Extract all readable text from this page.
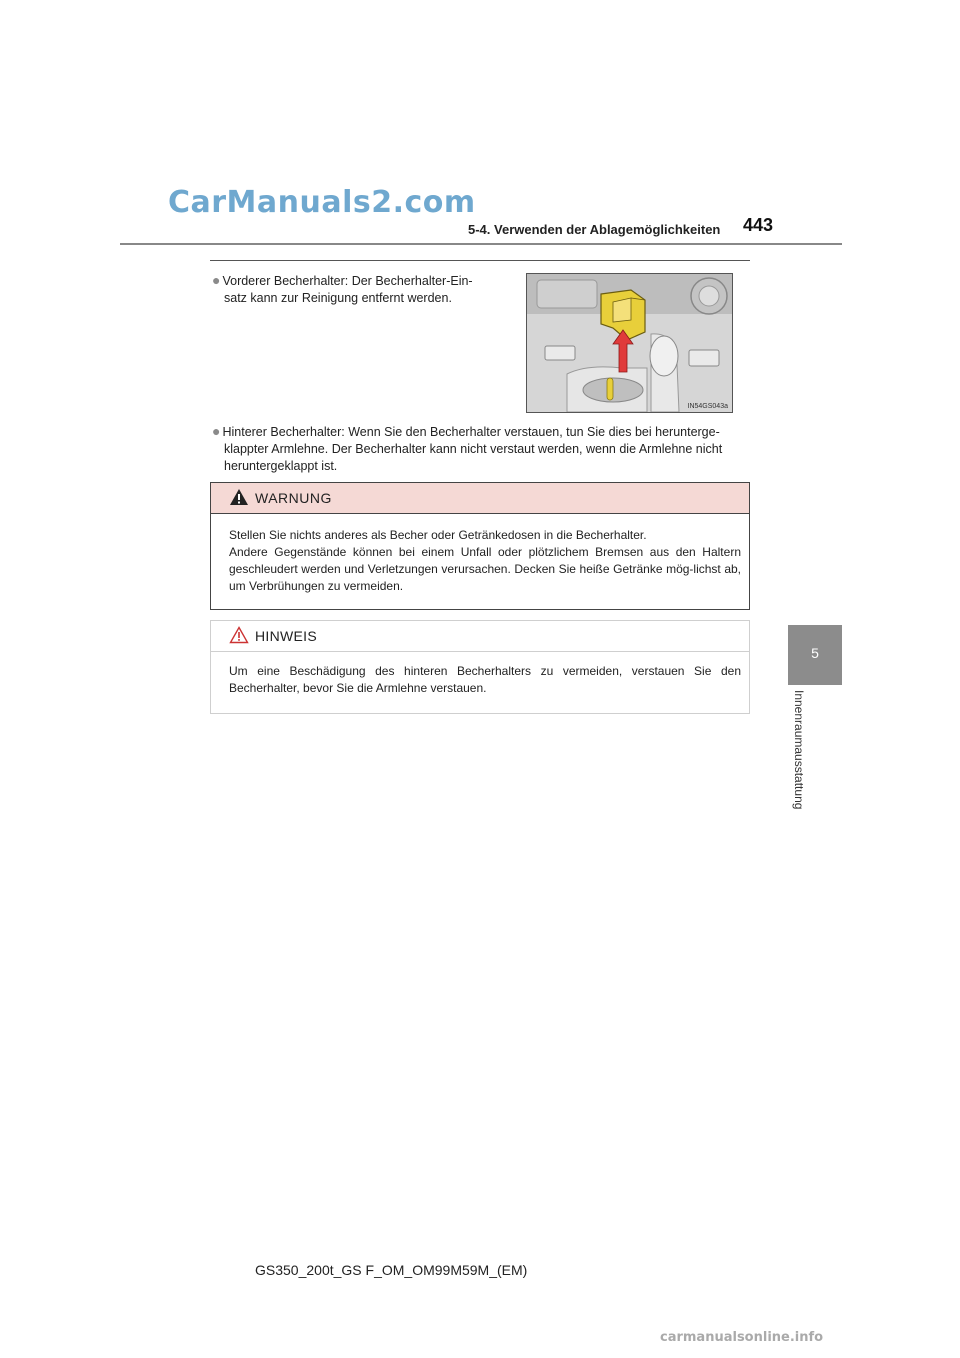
CarManuals2.com
5-4. Verwenden der Ablagemöglichkeiten 443
5
Innenraumausstattung
● Vorderer Becherhalter: Der Becherhalter-Ein-
satz kann zur Reinigung entfernt werden.
IN54GS043a
● Hinterer Becherhalter: Wenn Sie den Becherhalter verstauen, tun Sie dies bei herunterge-
klappter Armlehne. Der Becherhalter kann nicht verstaut werden, wenn die Armlehne nicht
heruntergeklappt ist.
WARNUNG
Stellen Sie nichts anderes als Becher oder Getränkedosen in die Becherhalter.
Andere Gegenstände können bei einem Unfall oder plötzlichem Bremsen aus den Haltern geschleudert werden und Verletzungen verursachen. Decken Sie heiße Getränke mög-lichst ab, um Verbrühungen zu vermeiden.
HINWEIS
Um eine Beschädigung des hinteren Becherhalters zu vermeiden, verstauen Sie den Becherhalter, bevor Sie die Armlehne verstauen.
GS350_200t_GS F_OM_OM99M59M_(EM)
carmanualsonline.info
